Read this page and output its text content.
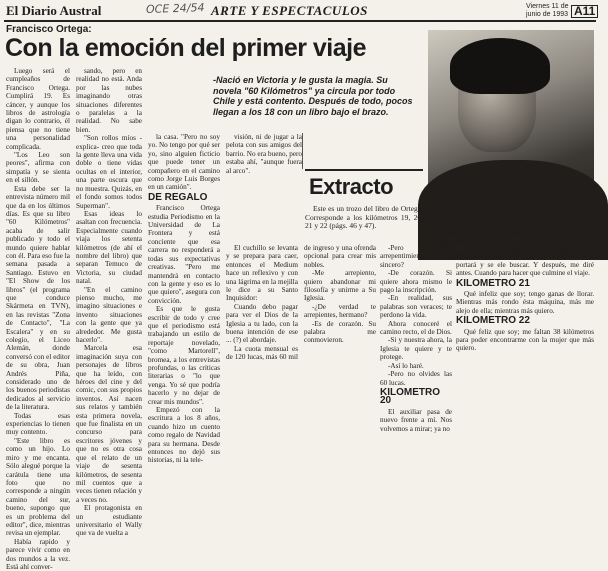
El Diario Austral	OCE 24/54 ARTE Y ESPECTACULOS	Viernes 11 de
junio de 1993 A11
Francisco Ortega:
Con la emoción del primer viaje
-Nació en Victoria y le gusta la magia. Su novela "60 Kilómetros" ya circula por todo Chile y está contento. Después de todo, pocos llegan a los 18 con un libro bajo el brazo.
"Quizás todos tengamos algo de Superman..."

Luego será el cumpleaños de Francisco Ortega. Cumplirá 19. Es cáncer, y aunque los libros de astrología digan lo contrario, él piensa que no tiene una personalidad complicada.

"Los Leo son peores", afirma con simpatía y se sienta en el sillón.

Esta debe ser la entrevista número mil que da en los últimos días. Es que su libro "60 Kilómetros" acaba de salir publicado y todo el mundo quiere hablar con él. Para eso fue la semana pasada a Santiago. Estuvo en "El Show de los libros" (el programa que conduce Skármeta en TVN), en las revistas "Zona de Contacto", "La Escalera" y en su colegio, el Liceo Alemán, donde conversó con el editor de su obra, Juan Andrés Piña, considerado uno de los buenos periodistas dedicados al servicio de la literatura.

Todas esas experiencias lo tienen muy contento.

"Este libro es como un hijo. Lo miro y me encanta. Sólo alegué porque la carátula tiene una foto que no corresponde a ningún camino del sur, bueno, supongo que es un problema del editor", dice, mientras revisa un ejemplar.

Había rapido y parece vivir como en dos mundos a la vez. Está ahí conver-

sando, pero en realidad no está. Anda por las nubes imaginando otras situaciones diferentes o paralelas a la realidad. No sabe bien.

"Son rollos míos -explica- creo que toda la gente lleva una vida doble o tiene vidas ocultas en el interior, una parte oscura que no muestra. Quizás, en el fondo somos todos Superman".

Esas ideas lo asaltan con frecuencia. Especialmente cuando viaja los setenta kilómetros (de ahí el nombre del libro) que separan Temuco de Victoria, su ciudad natal.

"En el camino pienso mucho, me imagino situaciones e invento situaciones con la gente que ya alrededor. Me gusta hacerlo".

Marcela esa imaginación suya con personajes de libros que ha leído, con héroes del cine y del comic, con sus propios inventos. Así nacen sus relatos y también esta primera novela, que fue finalista en un concurso para escritores jóvenes y que no es otra cosa que el relato de un viaje de sesenta kilómetros, de sesenta mil cuentos que a veces tienen relación y a veces no.

El protagonista en un estudiante universitario el Wally que va de vuelta a

la casa. "Pero no soy yo. No tengo por qué ser yo, sino alguien ficticio que puede tener un compañero en el camino como Jorge Luis Borges en un camión".

DE REGALO

Francisco Ortega estudia Periodismo en la Universidad de La Frontera y está conciente que esa carrera no responderá a todas sus expectativas creativas. "Pero me mantendrá en contacto con la gente y eso es lo que quiero", asegura con convicción.

Es que le gusta escribir de todo y cree que el periodismo está trabajando un estilo de reportaje novelado, "como Martorell", bromea, a los entrevistas profundas, o las críticas literarias o "lo que venga. Yo sé que podría hacerlo y no dejar de crear mis mundos".

Empezó con la escritura a los 8 años, cuando hizo un cuento como regalo de Navidad para su hermana. Desde entonces no dejó sus historias, ni la tele-

visión, ni de jugar a la pelota con sus amigos del barrio. No era bueno, pero estaba ahí, "aunque fuera al arco".

Extracto

Este es un trozo del libro de Ortega. Corresponde a los kilómetros 19, 20, 21 y 22 (págs. 46 y 47).

El cuchillo se levanta y se prepara para caer, entonces el Medium hace un reflexivo y con una lágrima en la mejilla le dice a su Santo Inquisidor:

Cuando debo pagar para ver el Dios de la Iglesia a tu lado, con la buena intención de ese ... (?) el abordaje.

La cuota mensual es de 120 lucas, más 60 mil de ingreso y una ofrenda opcional para crear mis nobles.

-Me arrepiento, quiero abandonar mi filosofía y unirme a Su Iglesia.

-¿De verdad te arrepientes, hermano?

-Es de corazón. Su palabra me conmovieron.

-Pero tu arrepentimiento es sincero?

-De corazón. Si quiere ahora mismo le pago la inscripción.

-En realidad, sus palabras son veraces; te perdono la vida.

Ahora conoceré el camino recto, el de Dios.

-Si y nuestra ahora, la Iglesia te quiere y te protege.

-Así lo haré.

-Pero no olvides las 60 lucas.

KILOMETRO 20

El auxiliar pasa de nuevo frente a mí. Nos volvemos a mirar; ya no

es igual. La gente ya dijo que es el Nosferatu. Tarde o temprano se la declarar y se portará y se ele buscar. Y después, me diré antes. Cuando para hacer que culmine el viaje.

KILOMETRO 21

Qué infeliz que soy; tengo ganas de llorar. Mientras más rondo ésta máquina, más me alejo de ella; mientras más quiero.

KILOMETRO 22

Qué feliz que soy; me faltan 38 kilómetros para poder encontrarme con la mujer que más quiero.
